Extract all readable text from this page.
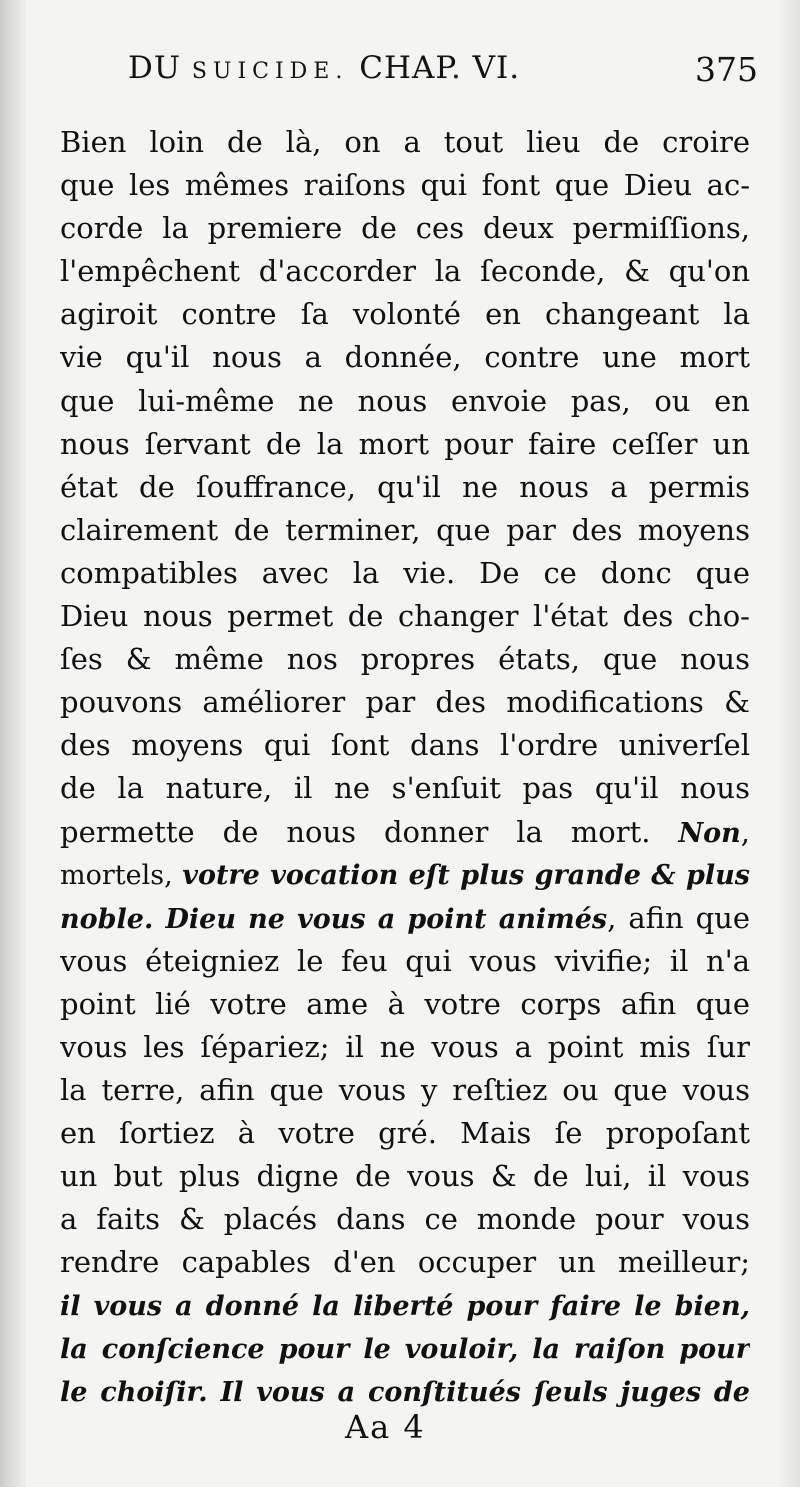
DU SUICIDE. CHAP. VI.	375
Bien loin de là, on a tout lieu de croire
que les mêmes raiſons qui font que Dieu ac-
corde la premiere de ces deux permiſſions,
l'empêchent d'accorder la ſeconde, & qu'on
agiroit contre ſa volonté en changeant la
vie qu'il nous a donnée, contre une mort
que lui-même ne nous envoie pas, ou en
nous ſervant de la mort pour faire ceſſer un
état de ſouffrance, qu'il ne nous a permis
clairement de terminer, que par des moyens
compatibles avec la vie. De ce donc que
Dieu nous permet de changer l'état des cho-
ſes & même nos propres états, que nous
pouvons améliorer par des modifications &
des moyens qui ſont dans l'ordre univerſel
de la nature, il ne s'enſuit pas qu'il nous
permette de nous donner la mort. Non,
mortels, votre vocation eſt plus grande & plus
noble. Dieu ne vous a point animés, afin que
vous éteigniez le feu qui vous vivifie; il n'a
point lié votre ame à votre corps afin que
vous les ſépariez; il ne vous a point mis ſur
la terre, afin que vous y reſtiez ou que vous
en ſortiez à votre gré. Mais ſe propoſant
un but plus digne de vous & de lui, il vous
a faits & placés dans ce monde pour vous
rendre capables d'en occuper un meilleur;
il vous a donné la liberté pour faire le bien,
la conſcience pour le vouloir, la raiſon pour
le choiſir. Il vous a conſtitués ſeuls juges de
Aa 4
